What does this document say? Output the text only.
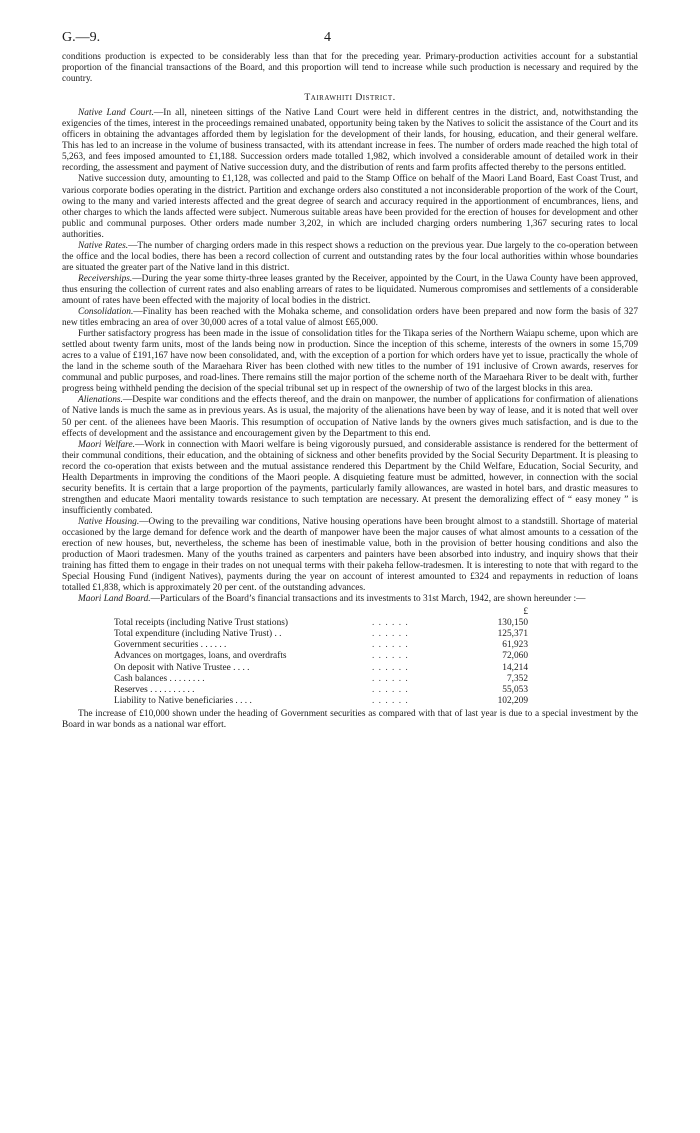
G.—9.	4

conditions production is expected to be considerably less than that for the preceding year. Primary-production activities account for a substantial proportion of the financial transactions of the Board, and this proportion will tend to increase while such production is necessary and required by the country.

Tairawhiti District.

Native Land Court.—In all, nineteen sittings of the Native Land Court were held in different centres in the district, and, notwithstanding the exigencies of the times, interest in the proceedings remained unabated, opportunity being taken by the Natives to solicit the assistance of the Court and its officers in obtaining the advantages afforded them by legislation for the development of their lands, for housing, education, and their general welfare. This has led to an increase in the volume of business transacted, with its attendant increase in fees. The number of orders made reached the high total of 5,263, and fees imposed amounted to £1,188. Succession orders made totalled 1,982, which involved a considerable amount of detailed work in their recording, the assessment and payment of Native succession duty, and the distribution of rents and farm profits affected thereby to the persons entitled.

Native succession duty, amounting to £1,128, was collected and paid to the Stamp Office on behalf of the Maori Land Board, East Coast Trust, and various corporate bodies operating in the district. Partition and exchange orders also constituted a not inconsiderable proportion of the work of the Court, owing to the many and varied interests affected and the great degree of search and accuracy required in the apportionment of encumbrances, liens, and other charges to which the lands affected were subject. Numerous suitable areas have been provided for the erection of houses for development and other public and communal purposes. Other orders made number 3,202, in which are included charging orders numbering 1,367 securing rates to local authorities.

Native Rates.—The number of charging orders made in this respect shows a reduction on the previous year. Due largely to the co-operation between the office and the local bodies, there has been a record collection of current and outstanding rates by the four local authorities within whose boundaries are situated the greater part of the Native land in this district.

Receiverships.—During the year some thirty-three leases granted by the Receiver, appointed by the Court, in the Uawa County have been approved, thus ensuring the collection of current rates and also enabling arrears of rates to be liquidated. Numerous compromises and settlements of a considerable amount of rates have been effected with the majority of local bodies in the district.

Consolidation.—Finality has been reached with the Mohaka scheme, and consolidation orders have been prepared and now form the basis of 327 new titles embracing an area of over 30,000 acres of a total value of almost £65,000.

Further satisfactory progress has been made in the issue of consolidation titles for the Tikapa series of the Northern Waiapu scheme, upon which are settled about twenty farm units, most of the lands being now in production. Since the inception of this scheme, interests of the owners in some 15,709 acres to a value of £191,167 have now been consolidated, and, with the exception of a portion for which orders have yet to issue, practically the whole of the land in the scheme south of the Maraehara River has been clothed with new titles to the number of 191 inclusive of Crown awards, reserves for communal and public purposes, and road-lines. There remains still the major portion of the scheme north of the Maraehara River to be dealt with, further progress being withheld pending the decision of the special tribunal set up in respect of the ownership of two of the largest blocks in this area.

Alienations.—Despite war conditions and the effects thereof, and the drain on manpower, the number of applications for confirmation of alienations of Native lands is much the same as in previous years. As is usual, the majority of the alienations have been by way of lease, and it is noted that well over 50 per cent. of the alienees have been Maoris. This resumption of occupation of Native lands by the owners gives much satisfaction, and is due to the effects of development and the assistance and encouragement given by the Department to this end.

Maori Welfare.—Work in connection with Maori welfare is being vigorously pursued, and considerable assistance is rendered for the betterment of their communal conditions, their education, and the obtaining of sickness and other benefits provided by the Social Security Department. It is pleasing to record the co-operation that exists between and the mutual assistance rendered this Department by the Child Welfare, Education, Social Security, and Health Departments in improving the conditions of the Maori people. A disquieting feature must be admitted, however, in connection with the social security benefits. It is certain that a large proportion of the payments, particularly family allowances, are wasted in hotel bars, and drastic measures to strengthen and educate Maori mentality towards resistance to such temptation are necessary. At present the demoralizing effect of “ easy money ” is insufficiently combated.

Native Housing.—Owing to the prevailing war conditions, Native housing operations have been brought almost to a standstill. Shortage of material occasioned by the large demand for defence work and the dearth of manpower have been the major causes of what almost amounts to a cessation of the erection of new houses, but, nevertheless, the scheme has been of inestimable value, both in the provision of better housing conditions and also the production of Maori tradesmen. Many of the youths trained as carpenters and painters have been absorbed into industry, and inquiry shows that their training has fitted them to engage in their trades on not unequal terms with their pakeha fellow-tradesmen. It is interesting to note that with regard to the Special Housing Fund (indigent Natives), payments during the year on account of interest amounted to £324 and repayments in reduction of loans totalled £1,838, which is approximately 20 per cent. of the outstanding advances.

Maori Land Board.—Particulars of the Board’s financial transactions and its investments to 31st March, 1942, are shown hereunder :—

		£
Total receipts (including Native Trust stations)	. . . . . .	130,150
Total expenditure (including Native Trust) . .	. . . . . .	125,371
Government securities . . . . . .	. . . . . .	61,923
Advances on mortgages, loans, and overdrafts	. . . . . .	72,060
On deposit with Native Trustee . . . .	. . . . . .	14,214
Cash balances . . . . . . . .	. . . . . .	7,352
Reserves . . . . . . . . . .	. . . . . .	55,053
Liability to Native beneficiaries . . . .	. . . . . .	102,209

The increase of £10,000 shown under the heading of Government securities as compared with that of last year is due to a special investment by the Board in war bonds as a national war effort.
